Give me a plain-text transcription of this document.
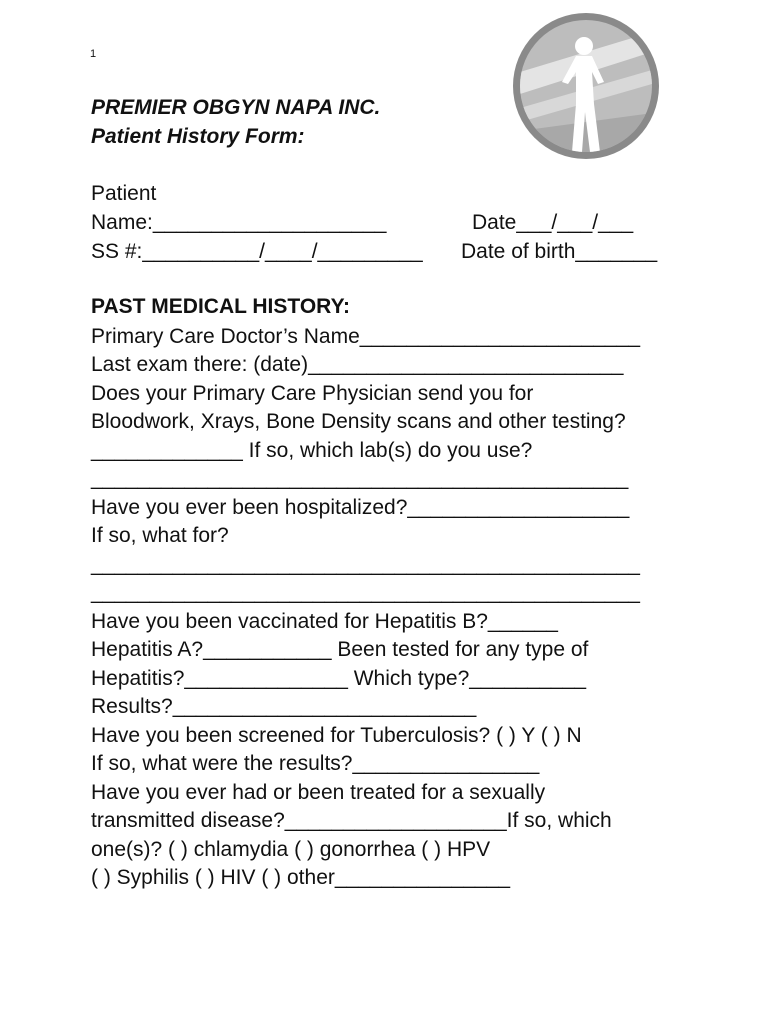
1
PREMIER OBGYN NAPA INC.
Patient History Form:
Patient
Name:____________________	Date___/___/___
SS #:__________/____/_________ Date of birth_______
PAST MEDICAL HISTORY:
Primary Care Doctor’s Name________________________
Last exam there: (date)___________________________
Does your Primary Care Physician send you for
Bloodwork, Xrays, Bone Density scans and other testing?
_____________ If so, which lab(s) do you use?
______________________________________________
Have you ever been hospitalized?___________________
If so, what for?
_______________________________________________
_______________________________________________
Have you been vaccinated for Hepatitis B?______
Hepatitis A?___________ Been tested for any type of
Hepatitis?______________ Which type?__________
Results?__________________________
Have you been screened for Tuberculosis? ( ) Y ( ) N
If so, what were the results?________________
Have you ever had or been treated for a sexually
transmitted disease?___________________If so, which
one(s)? ( ) chlamydia ( ) gonorrhea ( ) HPV
( ) Syphilis ( ) HIV ( ) other_______________
